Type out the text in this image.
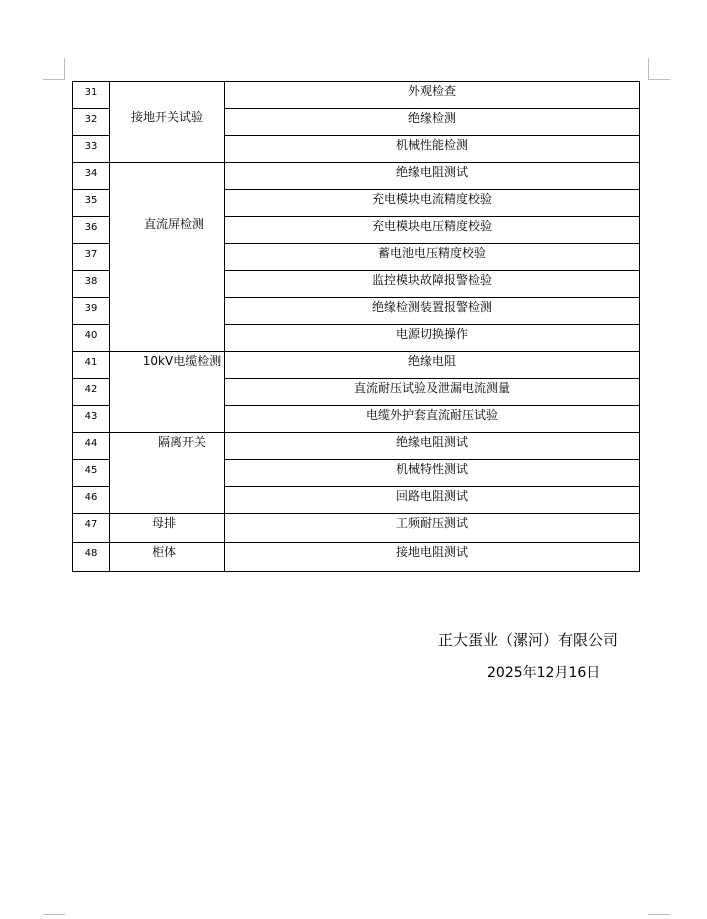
31	接地开关试验	外观检查
32		绝缘检测
33		机械性能检测
34	直流屏检测	绝缘电阻测试
35		充电模块电流精度校验
36		充电模块电压精度校验
37		蓄电池电压精度校验
38		监控模块故障报警检验
39		绝缘检测装置报警检测
40		电源切换操作
41	10kV电缆检测	绝缘电阻
42		直流耐压试验及泄漏电流测量
43		电缆外护套直流耐压试验
44	隔离开关	绝缘电阻测试
45		机械特性测试
46		回路电阻测试
47	母排	工频耐压测试
48	柜体	接地电阻测试
正大蛋业（漯河）有限公司
2025年12月16日
